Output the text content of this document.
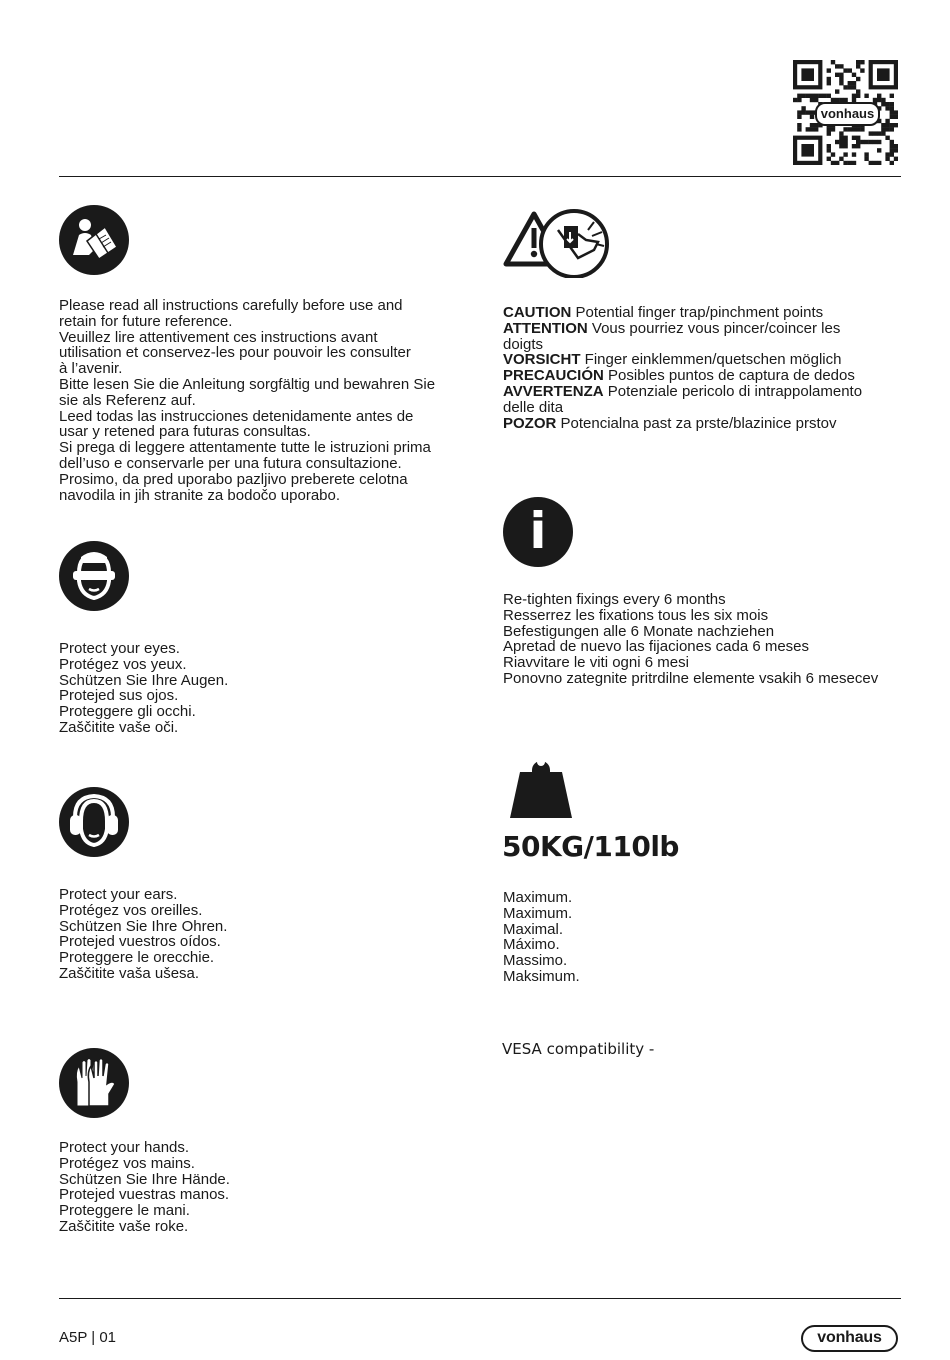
vonhaus

Please read all instructions carefully before use and

retain for future reference.

Veuillez lire attentivement ces instructions avant

utilisation et conservez-les pour pouvoir les consulter

à l’avenir.

Bitte lesen Sie die Anleitung sorgfältig und bewahren Sie

sie als Referenz auf.

Leed todas las instrucciones detenidamente antes de

usar y retened para futuras consultas.

Si prega di leggere attentamente tutte le istruzioni prima

dell’uso e conservarle per una futura consultazione.

Prosimo, da pred uporabo pazljivo preberete celotna

navodila in jih stranite za bodočo uporabo.

Protect your eyes.

Protégez vos yeux.

Schützen Sie Ihre Augen.

Protejed sus ojos.

Proteggere gli occhi.

Zaščitite vaše oči.

Protect your ears.

Protégez vos oreilles.

Schützen Sie Ihre Ohren.

Protejed vuestros oídos.

Proteggere le orecchie.

Zaščitite vaša ušesa.

Protect your hands.

Protégez vos mains.

Schützen Sie Ihre Hände.

Protejed vuestras manos.

Proteggere le mani.

Zaščitite vaše roke.

CAUTION Potential finger trap/pinchment points

ATTENTION Vous pourriez vous pincer/coincer les

doigts

VORSICHT Finger einklemmen/quetschen möglich

PRECAUCIÓN Posibles puntos de captura de dedos

AVVERTENZA Potenziale pericolo di intrappolamento

delle dita

POZOR Potencialna past za prste/blazinice prstov

i

Re-tighten fixings every 6 months

Resserrez les fixations tous les six mois

Befestigungen alle 6 Monate nachziehen

Apretad de nuevo las fijaciones cada 6 meses

Riavvitare le viti ogni 6 mesi

Ponovno zategnite pritrdilne elemente vsakih 6 mesecev

50KG/110lb

Maximum.

Maximum.

Maximal.

Máximo.

Massimo.

Maksimum.

VESA compatibility -
A5P | 01	vonhaus
